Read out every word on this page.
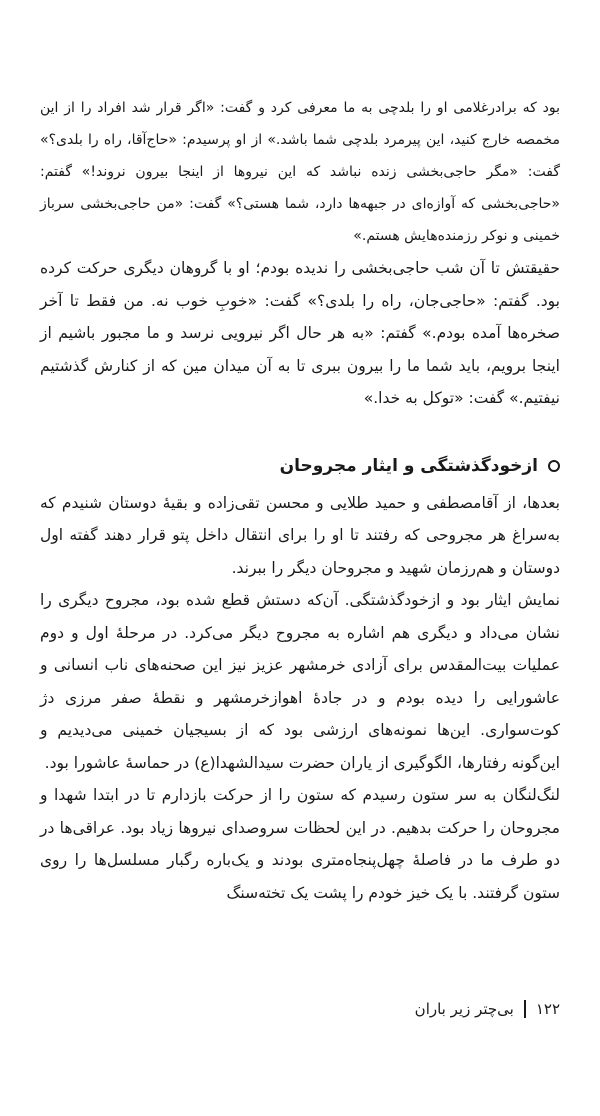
بود که برادرغلامی او را بلدچی به ما معرفی کرد و گفت: «اگر قرار شد افراد را از این مخمصه خارج کنید، این پیرمرد بلدچی شما باشد.» از او پرسیدم: «حاج‌آقا، راه را بلدی؟» گفت: «مگر حاجی‌بخشی زنده نباشد که این نیروها از اینجا بیرون نروند!» گفتم: «حاجی‌بخشی که آوازه‌ای در جبهه‌ها دارد، شما هستی؟» گفت: «من حاجی‌بخشی سرباز خمینی و نوکر رزمنده‌هایش هستم.»

حقیقتش تا آن شب حاجی‌بخشی را ندیده بودم؛ او با گروهان دیگری حرکت کرده بود. گفتم: «حاجی‌جان، راه را بلدی؟» گفت: «خوبِ خوب نه. من فقط تا آخر صخره‌ها آمده بودم.» گفتم: «به هر حال اگر نیرویی نرسد و ما مجبور باشیم از اینجا برویم، باید شما ما را بیرون ببری تا به آن میدان مین که از کنارش گذشتیم نیفتیم.» گفت: «توکل به خدا.»

ازخودگذشتگی و ایثار مجروحان

بعدها، از آقامصطفی و حمید طلایی و محسن تقی‌زاده و بقیهٔ دوستان شنیدم که به‌سراغ هر مجروحی که رفتند تا او را برای انتقال داخل پتو قرار دهند گفته اول دوستان و هم‌رزمان شهید و مجروحان دیگر را ببرند.

نمایش ایثار بود و ازخودگذشتگی. آن‌که دستش قطع شده بود، مجروح دیگری را نشان می‌داد و دیگری هم اشاره به مجروح دیگر می‌کرد. در مرحلهٔ اول و دوم عملیات بیت‌المقدس برای آزادی خرمشهر عزیز نیز این صحنه‌های ناب انسانی و عاشورایی را دیده بودم و در جادهٔ اهوازخرمشهر و نقطهٔ صفر مرزی دژ کوت‌سواری. این‌ها نمونه‌های ارزشی بود که از بسیجیان خمینی می‌دیدیم و این‌گونه رفتارها، الگوگیری از یاران حضرت سیدالشهدا(ع) در حماسهٔ عاشورا بود.

لنگ‌لنگان به سر ستون رسیدم که ستون را از حرکت بازدارم تا در ابتدا شهدا و مجروحان را حرکت بدهیم. در این لحظات سروصدای نیروها زیاد بود. عراقی‌ها در دو طرف ما در فاصلهٔ چهل‌پنجاه‌متری بودند و یک‌باره رگبار مسلسل‌ها را روی ستون گرفتند. با یک خیز خودم را پشت یک تخته‌سنگ

۱۲۲
بی‌چتر زیر باران
